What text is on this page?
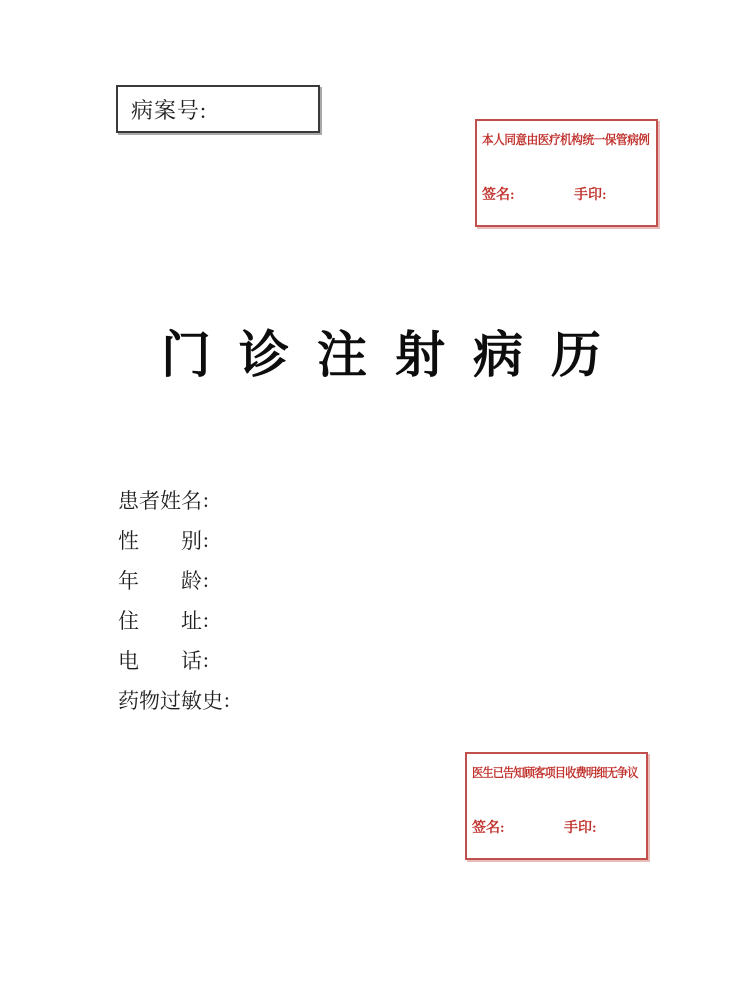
病案号:
本人同意由医疗机构统一保管病例
签名:	手印:
门诊注射病历
患者姓名 :
性别 :
年龄 :
住址 :
电话 :
药物过敏史 :
医生已告知顾客项目收费明细无争议
签名:	手印:
